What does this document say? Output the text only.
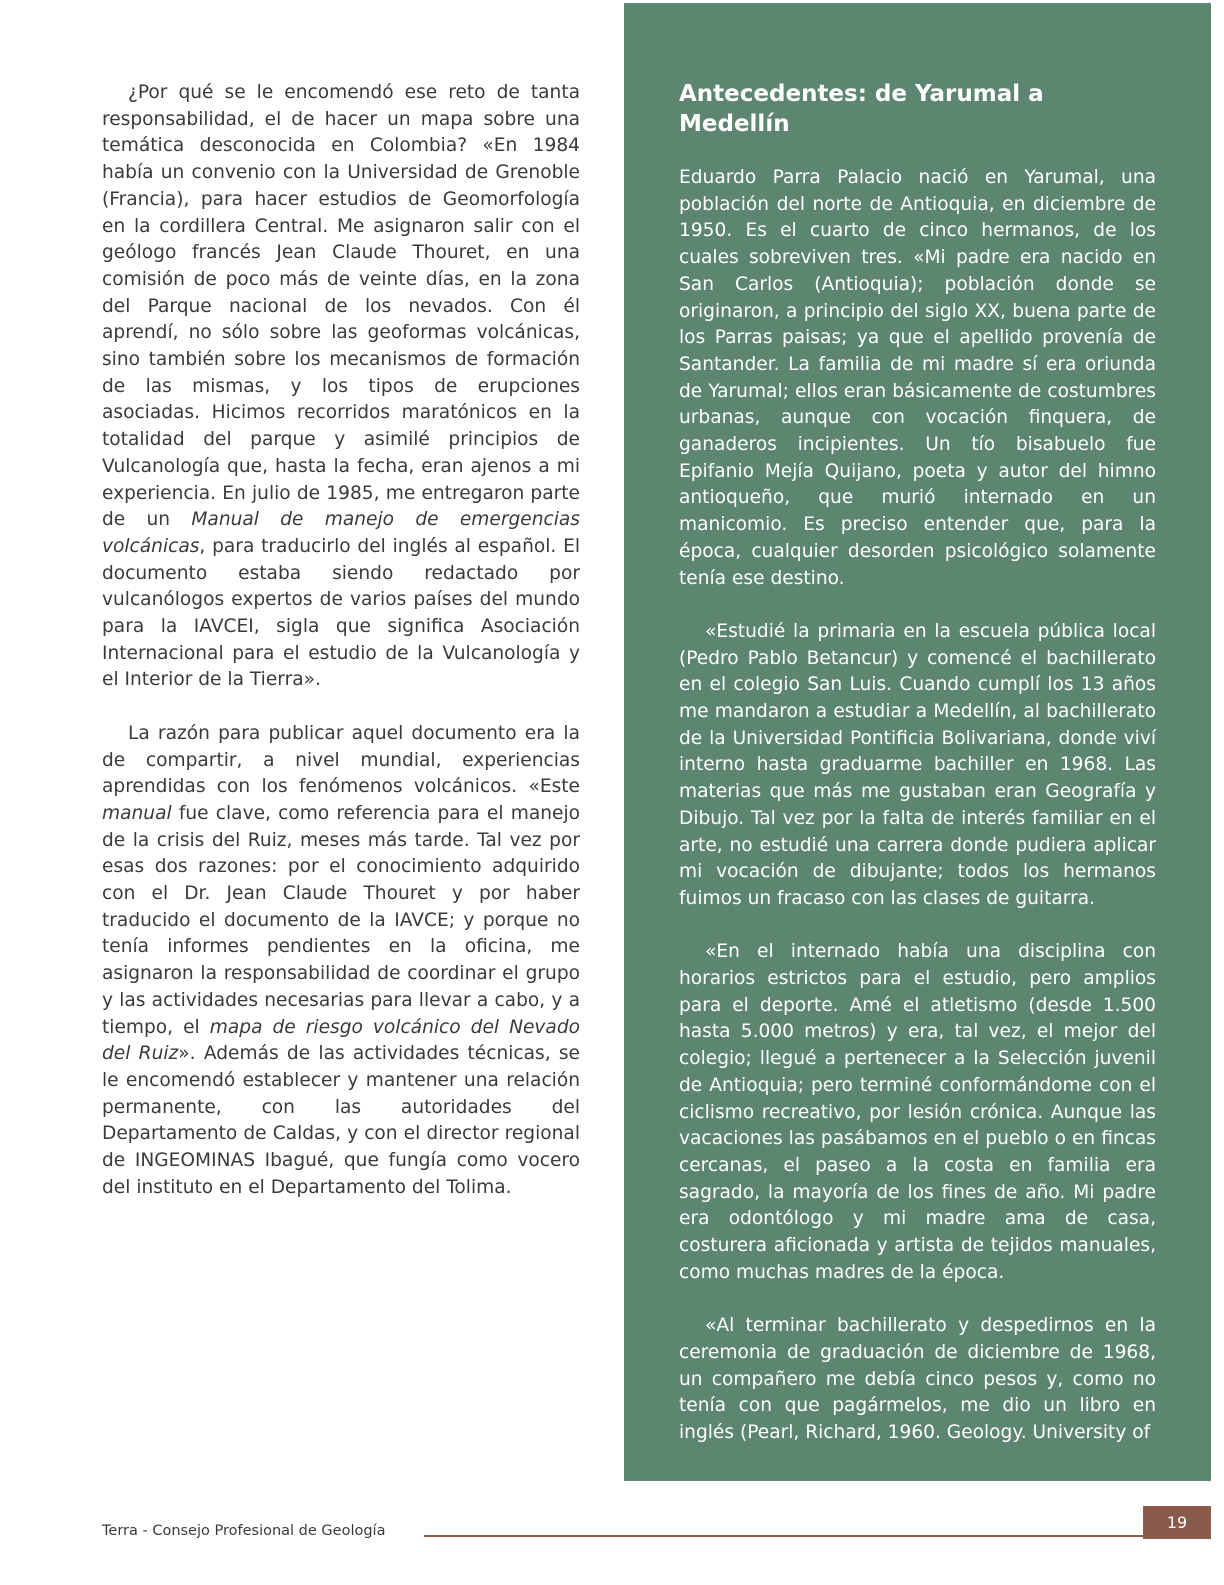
¿Por qué se le encomendó ese reto de tanta responsabilidad, el de hacer un mapa sobre una temática desconocida en Colombia? «En 1984 había un convenio con la Universidad de Grenoble (Francia), para hacer estudios de Geomorfología en la cordillera Central. Me asignaron salir con el geólogo francés Jean Claude Thouret, en una comisión de poco más de veinte días, en la zona del Parque nacional de los nevados. Con él aprendí, no sólo sobre las geoformas volcánicas, sino también sobre los mecanismos de formación de las mismas, y los tipos de erupciones asociadas. Hicimos recorridos maratónicos en la totalidad del parque y asimilé principios de Vulcanología que, hasta la fecha, eran ajenos a mi experiencia. En julio de 1985, me entregaron parte de un Manual de manejo de emergencias volcánicas, para traducirlo del inglés al español. El documento estaba siendo redactado por vulcanólogos expertos de varios países del mundo para la IAVCEI, sigla que significa Asociación Internacional para el estudio de la Vulcanología y el Interior de la Tierra».

La razón para publicar aquel documento era la de compartir, a nivel mundial, experiencias aprendidas con los fenómenos volcánicos. «Este manual fue clave, como referencia para el manejo de la crisis del Ruiz, meses más tarde. Tal vez por esas dos razones: por el conocimiento adquirido con el Dr. Jean Claude Thouret y por haber traducido el documento de la IAVCE; y porque no tenía informes pendientes en la oficina, me asignaron la responsabilidad de coordinar el grupo y las actividades necesarias para llevar a cabo, y a tiempo, el mapa de riesgo volcánico del Nevado del Ruiz». Además de las actividades técnicas, se le encomendó establecer y mantener una relación permanente, con las autoridades del Departamento de Caldas, y con el director regional de INGEOMINAS Ibagué, que fungía como vocero del instituto en el Departamento del Tolima.

Antecedentes: de Yarumal a Medellín

Eduardo Parra Palacio nació en Yarumal, una población del norte de Antioquia, en diciembre de 1950. Es el cuarto de cinco hermanos, de los cuales sobreviven tres. «Mi padre era nacido en San Carlos (Antioquia); población donde se originaron, a principio del siglo XX, buena parte de los Parras paisas; ya que el apellido provenía de Santander. La familia de mi madre sí era oriunda de Yarumal; ellos eran básicamente de costumbres urbanas, aunque con vocación finquera, de ganaderos incipientes. Un tío bisabuelo fue Epifanio Mejía Quijano, poeta y autor del himno antioqueño, que murió internado en un manicomio. Es preciso entender que, para la época, cualquier desorden psicológico solamente tenía ese destino.

«Estudié la primaria en la escuela pública local (Pedro Pablo Betancur) y comencé el bachillerato en el colegio San Luis. Cuando cumplí los 13 años me mandaron a estudiar a Medellín, al bachillerato de la Universidad Pontificia Bolivariana, donde viví interno hasta graduarme bachiller en 1968. Las materias que más me gustaban eran Geografía y Dibujo. Tal vez por la falta de interés familiar en el arte, no estudié una carrera donde pudiera aplicar mi vocación de dibujante; todos los hermanos fuimos un fracaso con las clases de guitarra.

«En el internado había una disciplina con horarios estrictos para el estudio, pero amplios para el deporte. Amé el atletismo (desde 1.500 hasta 5.000 metros) y era, tal vez, el mejor del colegio; llegué a pertenecer a la Selección juvenil de Antioquia; pero terminé conformándome con el ciclismo recreativo, por lesión crónica. Aunque las vacaciones las pasábamos en el pueblo o en fincas cercanas, el paseo a la costa en familia era sagrado, la mayoría de los fines de año. Mi padre era odontólogo y mi madre ama de casa, costurera aficionada y artista de tejidos manuales, como muchas madres de la época.

«Al terminar bachillerato y despedirnos en la ceremonia de graduación de diciembre de 1968, un compañero me debía cinco pesos y, como no tenía con que pagármelos, me dio un libro en inglés (Pearl, Richard, 1960. Geology. University of

Terra - Consejo Profesional de Geología	19
